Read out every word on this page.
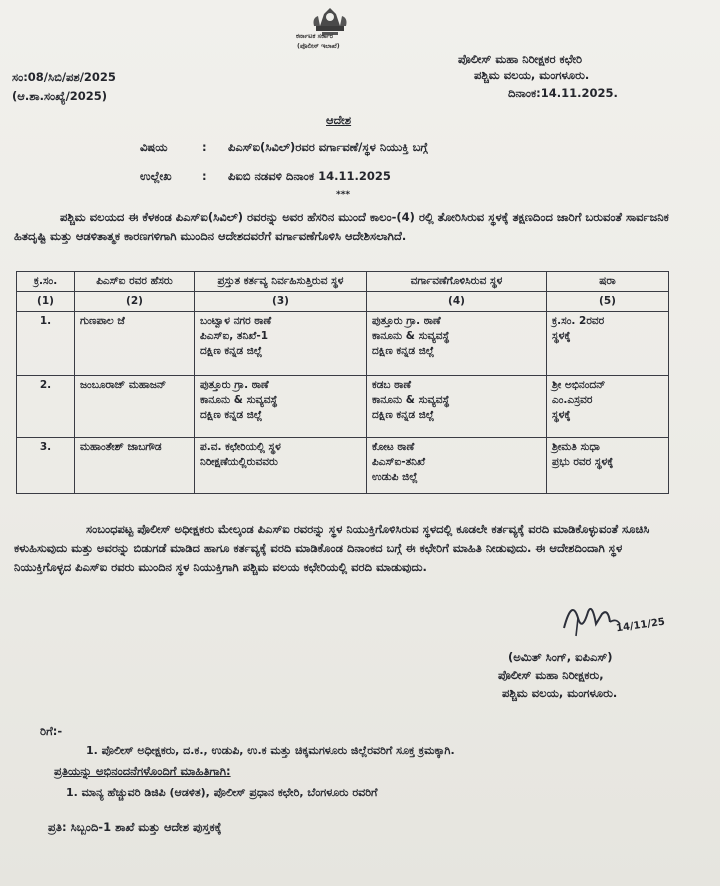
ಕರ್ನಾಟಕ ಸರ್ಕಾರ
(ಪೊಲೀಸ್ ಇಲಾಖೆ)
ಪೊಲೀಸ್ ಮಹಾ ನಿರೀಕ್ಷಕರ ಕಛೇರಿ
ಪಶ್ಚಿಮ ವಲಯ, ಮಂಗಳೂರು.
ಸಂ:08/ಸಿಬಿ/ಪಶ/2025
(ಆ.ಶಾ.ಸಂಖ್ಯೆ/2025)	ದಿನಾಂಕ:14.11.2025.
ಆದೇಶ
ವಿಷಯ	: ಪಿಎಸ್ಐ(ಸಿವಿಲ್)ರವರ ವರ್ಗಾವಣೆ/ಸ್ಥಳ ನಿಯುಕ್ತಿ ಬಗ್ಗೆ
ಉಲ್ಲೇಖ	: ಪಿಐಬಿ ನಡವಳಿ ದಿನಾಂಕ 14.11.2025
***
ಪಶ್ಚಿಮ ವಲಯದ ಈ ಕೆಳಕಂಡ ಪಿಎಸ್ಐ(ಸಿವಿಲ್) ರವರನ್ನು ಅವರ ಹೆಸರಿನ ಮುಂದೆ ಕಾಲಂ-(4) ರಲ್ಲಿ ತೋರಿಸಿರುವ ಸ್ಥಳಕ್ಕೆ ತಕ್ಷಣದಿಂದ ಜಾರಿಗೆ ಬರುವಂತೆ ಸಾರ್ವಜನಿಕ ಹಿತದೃಷ್ಟಿ ಮತ್ತು ಆಡಳಿತಾತ್ಮಕ ಕಾರಣಗಳಿಗಾಗಿ ಮುಂದಿನ ಆದೇಶದವರೆಗೆ ವರ್ಗಾವಣೆಗೊಳಿಸಿ ಆದೇಶಿಸಲಾಗಿದೆ.
ಕ್ರ.ಸಂ.	ಪಿಎಸ್ಐ ರವರ ಹೆಸರು	ಪ್ರಸ್ತುತ ಕರ್ತವ್ಯ ನಿರ್ವಹಿಸುತ್ತಿರುವ ಸ್ಥಳ	ವರ್ಗಾವಣೆಗೊಳಿಸಿರುವ ಸ್ಥಳ	ಷರಾ
(1)	(2)	(3)	(4)	(5)
1.	ಗುಣಪಾಲ ಜೆ	ಬಂಟ್ವಾಳ ನಗರ ಠಾಣೆ
ಪಿಎಸ್ಐ, ತನಿಖೆ-1
ದಕ್ಷಿಣ ಕನ್ನಡ ಜಿಲ್ಲೆ	ಪುತ್ತೂರು ಗ್ರಾ. ಠಾಣೆ
ಕಾನೂನು & ಸುವ್ಯವಸ್ಥೆ
ದಕ್ಷಿಣ ಕನ್ನಡ ಜಿಲ್ಲೆ	ಕ್ರ.ಸಂ. 2ರವರ
ಸ್ಥಳಕ್ಕೆ

2.	ಜಂಬೂರಾಜ್ ಮಹಾಜನ್	ಪುತ್ತೂರು ಗ್ರಾ. ಠಾಣೆ
ಕಾನೂನು & ಸುವ್ಯವಸ್ಥೆ
ದಕ್ಷಿಣ ಕನ್ನಡ ಜಿಲ್ಲೆ	ಕಡಬ ಠಾಣೆ
ಕಾನೂನು & ಸುವ್ಯವಸ್ಥೆ
ದಕ್ಷಿಣ ಕನ್ನಡ ಜಿಲ್ಲೆ	ಶ್ರೀ ಅಭಿನಂದನ್
ಎಂ.ಎಸ್ರವರ
ಸ್ಥಳಕ್ಕೆ

3.	ಮಹಾಂತೇಶ್ ಜಾಬಗೌಡ	ಪ.ವ. ಕಛೇರಿಯಲ್ಲಿ ಸ್ಥಳ
ನಿರೀಕ್ಷಣೆಯಲ್ಲಿರುವವರು	ಕೋಟ ಠಾಣೆ
ಪಿಎಸ್ಐ-ತನಿಖೆ
ಉಡುಪಿ ಜಿಲ್ಲೆ	ಶ್ರೀಮತಿ ಸುಧಾ
ಪ್ರಭು ರವರ ಸ್ಥಳಕ್ಕೆ
ಸಂಬಂಧಪಟ್ಟ ಪೊಲೀಸ್ ಅಧೀಕ್ಷಕರು ಮೇಲ್ಕಂಡ ಪಿಎಸ್ಐ ರವರನ್ನು ಸ್ಥಳ ನಿಯುಕ್ತಿಗೊಳಿಸಿರುವ ಸ್ಥಳದಲ್ಲಿ ಕೂಡಲೇ ಕರ್ತವ್ಯಕ್ಕೆ ವರದಿ ಮಾಡಿಕೊಳ್ಳುವಂತೆ ಸೂಚಿಸಿ ಕಳುಹಿಸುವುದು ಮತ್ತು ಅವರನ್ನು ಬಿಡುಗಡೆ ಮಾಡಿದ ಹಾಗೂ ಕರ್ತವ್ಯಕ್ಕೆ ವರದಿ ಮಾಡಿಕೊಂಡ ದಿನಾಂಕದ ಬಗ್ಗೆ ಈ ಕಛೇರಿಗೆ ಮಾಹಿತಿ ನೀಡುವುದು. ಈ ಆದೇಶದಿಂದಾಗಿ ಸ್ಥಳ ನಿಯುಕ್ತಿಗೊಳ್ಳದ ಪಿಎಸ್ಐ ರವರು ಮುಂದಿನ ಸ್ಥಳ ನಿಯುಕ್ತಿಗಾಗಿ ಪಶ್ಚಿಮ ವಲಯ ಕಛೇರಿಯಲ್ಲಿ ವರದಿ ಮಾಡುವುದು.
14/11/25
(ಅಮಿತ್ ಸಿಂಗ್, ಐಪಿಎಸ್)
ಪೊಲೀಸ್ ಮಹಾ ನಿರೀಕ್ಷಕರು,
ಪಶ್ಚಿಮ ವಲಯ, ಮಂಗಳೂರು.
ರಿಗೆ:-
1. ಪೊಲೀಸ್ ಅಧೀಕ್ಷಕರು, ದ.ಕ., ಉಡುಪಿ, ಉ.ಕ ಮತ್ತು ಚಿಕ್ಕಮಗಳೂರು ಜಿಲ್ಲೆರವರಿಗೆ ಸೂಕ್ತ ಕ್ರಮಕ್ಕಾಗಿ.
ಪ್ರತಿಯನ್ನು ಅಭಿನಂದನೆಗಳೊಂದಿಗೆ ಮಾಹಿತಿಗಾಗಿ:
1. ಮಾನ್ಯ ಹೆಚ್ಚುವರಿ ಡಿಜಿಪಿ (ಆಡಳಿತ), ಪೊಲೀಸ್ ಪ್ರಧಾನ ಕಛೇರಿ, ಬೆಂಗಳೂರು ರವರಿಗೆ
ಪ್ರತಿ: ಸಿಬ್ಬಂದಿ-1 ಶಾಖೆ ಮತ್ತು ಆದೇಶ ಪುಸ್ತಕಕ್ಕೆ
